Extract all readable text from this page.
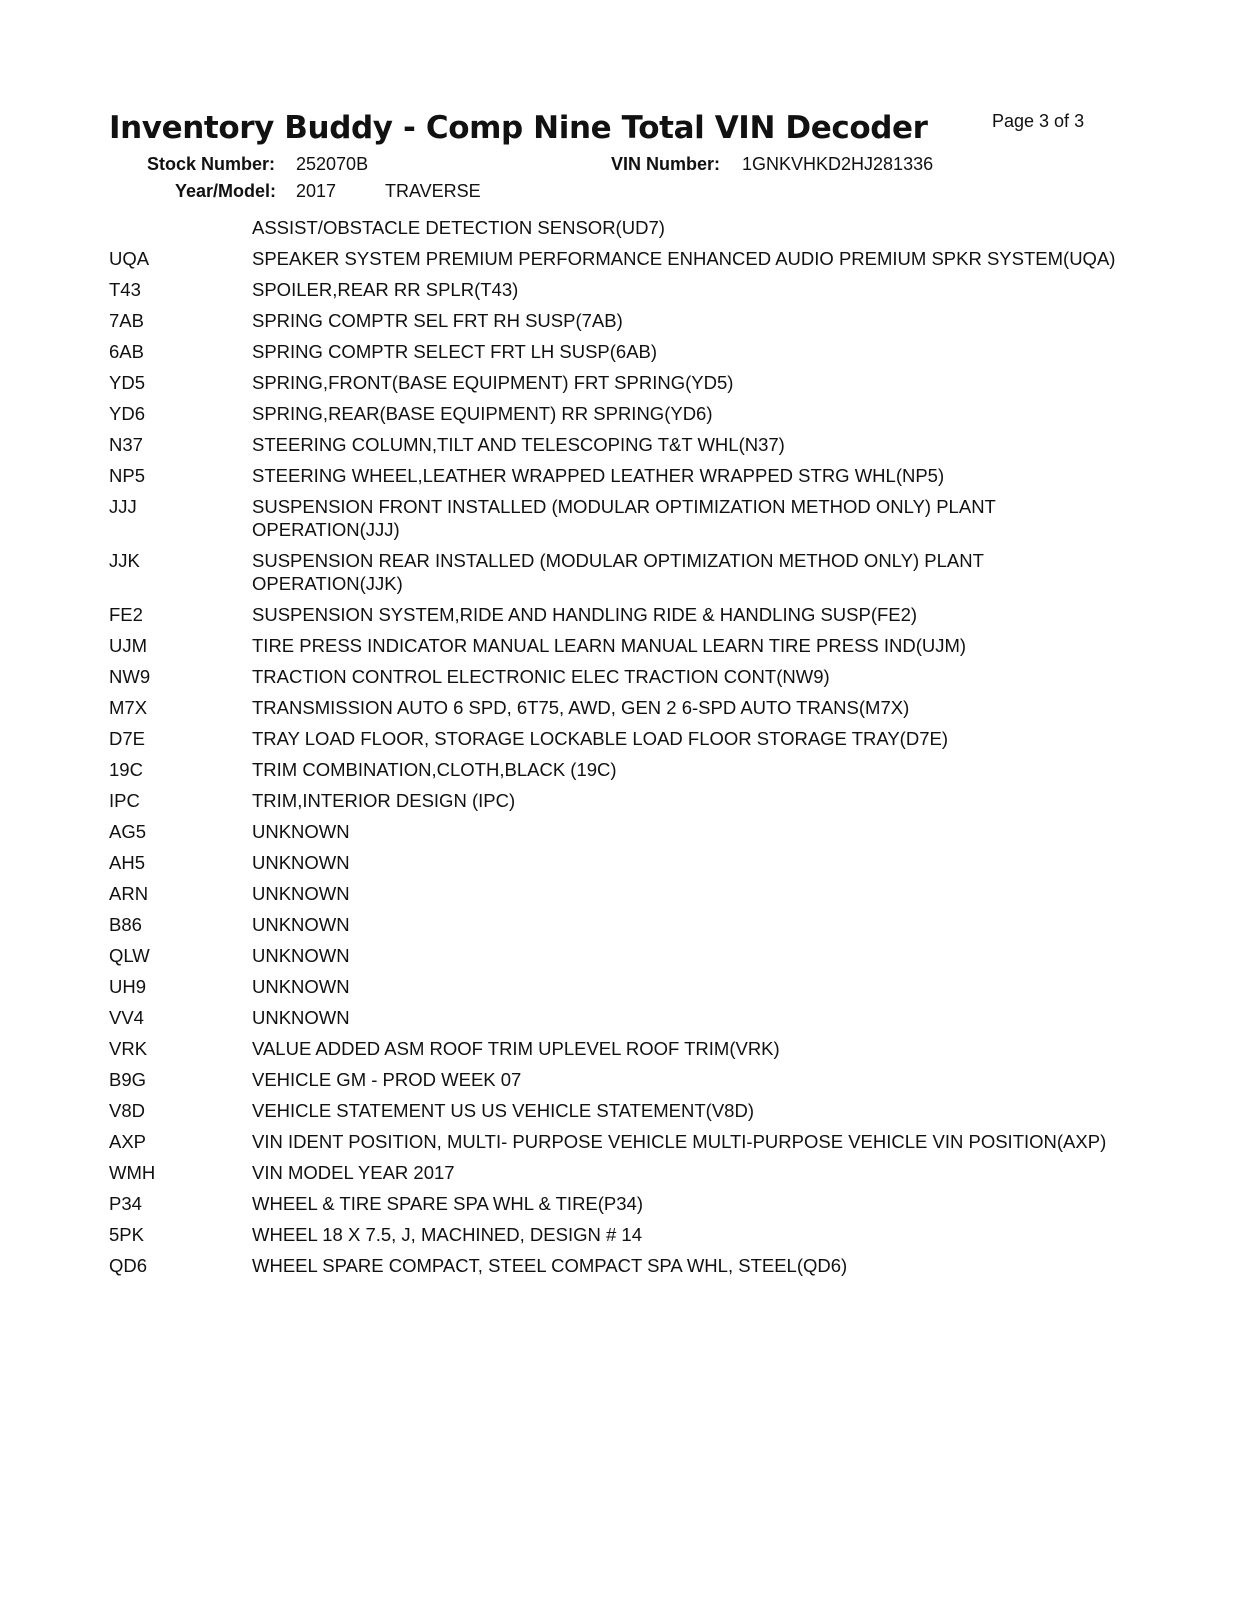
Inventory Buddy - Comp Nine Total VIN Decoder	Page 3 of 3
Stock Number: 252070B	VIN Number: 1GNKVHKD2HJ281336
Year/Model: 2017	TRAVERSE
ASSIST/OBSTACLE DETECTION SENSOR(UD7)
UQA	SPEAKER SYSTEM PREMIUM PERFORMANCE ENHANCED AUDIO PREMIUM SPKR SYSTEM(UQA)
T43	SPOILER,REAR RR SPLR(T43)
7AB	SPRING COMPTR SEL FRT RH SUSP(7AB)
6AB	SPRING COMPTR SELECT FRT LH SUSP(6AB)
YD5	SPRING,FRONT(BASE EQUIPMENT) FRT SPRING(YD5)
YD6	SPRING,REAR(BASE EQUIPMENT) RR SPRING(YD6)
N37	STEERING COLUMN,TILT AND TELESCOPING T&T WHL(N37)
NP5	STEERING WHEEL,LEATHER WRAPPED LEATHER WRAPPED STRG WHL(NP5)
JJJ	SUSPENSION FRONT INSTALLED (MODULAR OPTIMIZATION METHOD ONLY) PLANT OPERATION(JJJ)
JJK	SUSPENSION REAR INSTALLED (MODULAR OPTIMIZATION METHOD ONLY) PLANT OPERATION(JJK)
FE2	SUSPENSION SYSTEM,RIDE AND HANDLING RIDE & HANDLING SUSP(FE2)
UJM	TIRE PRESS INDICATOR MANUAL LEARN MANUAL LEARN TIRE PRESS IND(UJM)
NW9	TRACTION CONTROL ELECTRONIC ELEC TRACTION CONT(NW9)
M7X	TRANSMISSION AUTO 6 SPD, 6T75, AWD, GEN 2 6-SPD AUTO TRANS(M7X)
D7E	TRAY LOAD FLOOR, STORAGE LOCKABLE LOAD FLOOR STORAGE TRAY(D7E)
19C	TRIM COMBINATION,CLOTH,BLACK (19C)
IPC	TRIM,INTERIOR DESIGN (IPC)
AG5	UNKNOWN
AH5	UNKNOWN
ARN	UNKNOWN
B86	UNKNOWN
QLW	UNKNOWN
UH9	UNKNOWN
VV4	UNKNOWN
VRK	VALUE ADDED ASM ROOF TRIM UPLEVEL ROOF TRIM(VRK)
B9G	VEHICLE GM - PROD WEEK 07
V8D	VEHICLE STATEMENT US US VEHICLE STATEMENT(V8D)
AXP	VIN IDENT POSITION, MULTI- PURPOSE VEHICLE MULTI-PURPOSE VEHICLE VIN POSITION(AXP)
WMH	VIN MODEL YEAR 2017
P34	WHEEL & TIRE SPARE SPA WHL & TIRE(P34)
5PK	WHEEL 18 X 7.5, J, MACHINED, DESIGN # 14
QD6	WHEEL SPARE COMPACT, STEEL COMPACT SPA WHL, STEEL(QD6)
